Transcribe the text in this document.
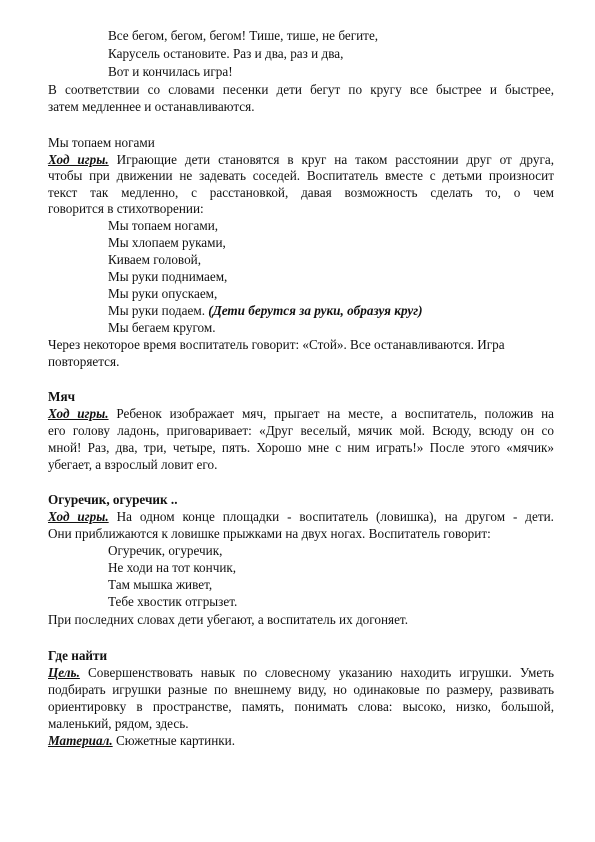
Все бегом, бегом, бегом! Тише, тише, не бегите,
Карусель остановите. Раз и два, раз и два,
Вот и кончилась игра!
В соответствии со словами песенки дети бегут по кругу все быстрее и быстрее,
затем медленнее и останавливаются.
Мы топаем ногами
Ход игры. Играющие дети становятся в круг на таком расстоянии друг от друга,
чтобы при движении не задевать соседей. Воспитатель вместе с детьми произносит
текст так медленно, с расстановкой, давая возможность сделать то, о чем
говорится в стихотворении:
Мы топаем ногами,
Мы хлопаем руками,
Киваем головой,
Мы руки поднимаем,
Мы руки опускаем,
Мы руки подаем. (Дети берутся за руки, образуя круг)
Мы бегаем кругом.
Через некоторое время воспитатель говорит: «Стой». Все останавливаются. Игра
повторяется.
Мяч
Ход игры. Ребенок изображает мяч, прыгает на месте, а воспитатель, положив на
его голову ладонь, приговаривает: «Друг веселый, мячик мой. Всюду, всюду он со
мной! Раз, два, три, четыре, пять. Хорошо мне с ним играть!» После этого «мячик»
убегает, а взрослый ловит его.
Огуречик, огуречик ..
Ход игры. На одном конце площадки - воспитатель (ловишка), на другом - дети.
Они приближаются к ловишке прыжками на двух ногах. Воспитатель говорит:
Огуречик, огуречик,
Не ходи на тот кончик,
Там мышка живет,
Тебе хвостик отгрызет.
При последних словах дети убегают, а воспитатель их догоняет.
Где найти
Цель. Совершенствовать навык по словесному указанию находить игрушки. Уметь
подбирать игрушки разные по внешнему виду, но одинаковые по размеру, развивать
ориентировку в пространстве, память, понимать слова: высоко, низко, большой,
маленький, рядом, здесь.
Материал. Сюжетные картинки.
